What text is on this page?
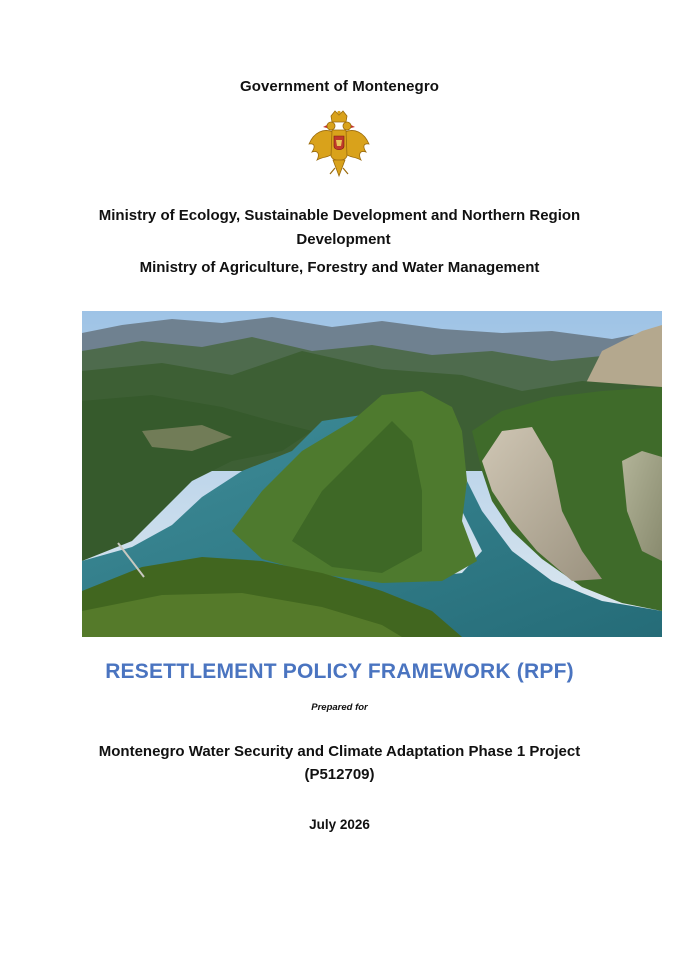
Government of Montenegro
Ministry of Ecology, Sustainable Development and Northern Region
Development
Ministry of Agriculture, Forestry and Water Management
RESETTLEMENT POLICY FRAMEWORK (RPF)
Prepared for
Montenegro Water Security and Climate Adaptation Phase 1 Project
(P512709)
July 2026
